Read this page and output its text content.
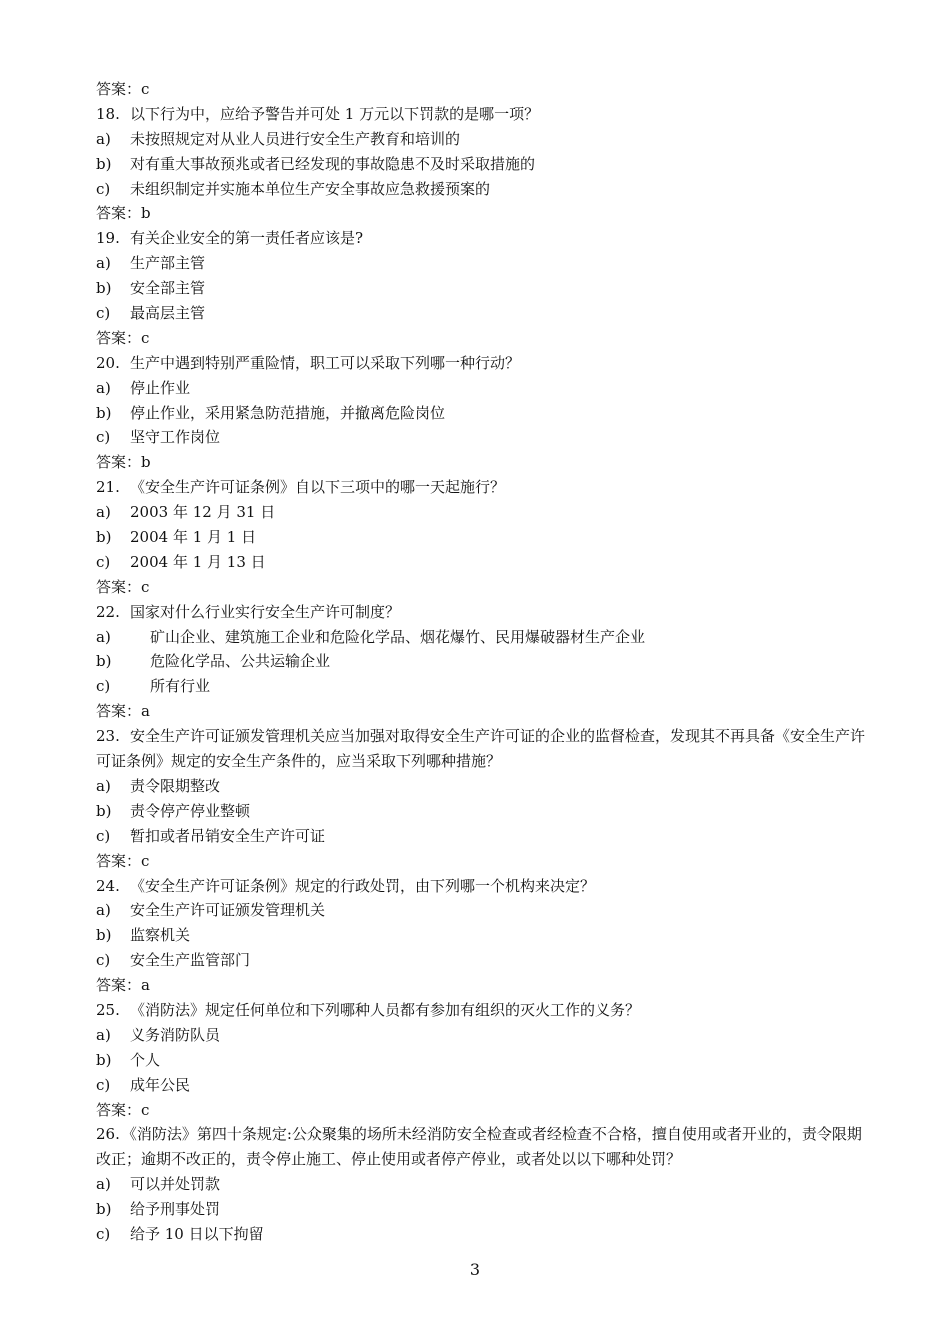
答案：c
18. 以下行为中，应给予警告并可处 1 万元以下罚款的是哪一项？
a) 未按照规定对从业人员进行安全生产教育和培训的
b) 对有重大事故预兆或者已经发现的事故隐患不及时采取措施的
c) 未组织制定并实施本单位生产安全事故应急救援预案的
答案：b
19. 有关企业安全的第一责任者应该是?
a) 生产部主管
b) 安全部主管
c) 最高层主管
答案：c
20. 生产中遇到特别严重险情，职工可以采取下列哪一种行动？
a) 停止作业
b) 停止作业，采用紧急防范措施，并撤离危险岗位
c) 坚守工作岗位
答案：b
21. 《安全生产许可证条例》自以下三项中的哪一天起施行？
a) 2003 年 12 月 31 日
b) 2004 年 1 月 1 日
c) 2004 年 1 月 13 日
答案：c
22. 国家对什么行业实行安全生产许可制度？
a)	矿山企业、建筑施工企业和危险化学品、烟花爆竹、民用爆破器材生产企业
b)	危险化学品、公共运输企业
c)	所有行业
答案：a
23. 安全生产许可证颁发管理机关应当加强对取得安全生产许可证的企业的监督检查，发现其不再具备《安全生产许可证条例》规定的安全生产条件的，应当采取下列哪种措施？
a) 责令限期整改
b) 责令停产停业整顿
c) 暂扣或者吊销安全生产许可证
答案：c
24. 《安全生产许可证条例》规定的行政处罚，由下列哪一个机构来决定？
a) 安全生产许可证颁发管理机关
b) 监察机关
c) 安全生产监管部门
答案：a
25. 《消防法》规定任何单位和下列哪种人员都有参加有组织的灭火工作的义务？
a) 义务消防队员
b) 个人
c) 成年公民
答案：c
26. 《消防法》第四十条规定:公众聚集的场所未经消防安全检查或者经检查不合格，擅自使用或者开业的，责令限期改正；逾期不改正的，责令停止施工、停止使用或者停产停业，或者处以以下哪种处罚？
a) 可以并处罚款
b) 给予刑事处罚
c) 给予 10 日以下拘留
3
